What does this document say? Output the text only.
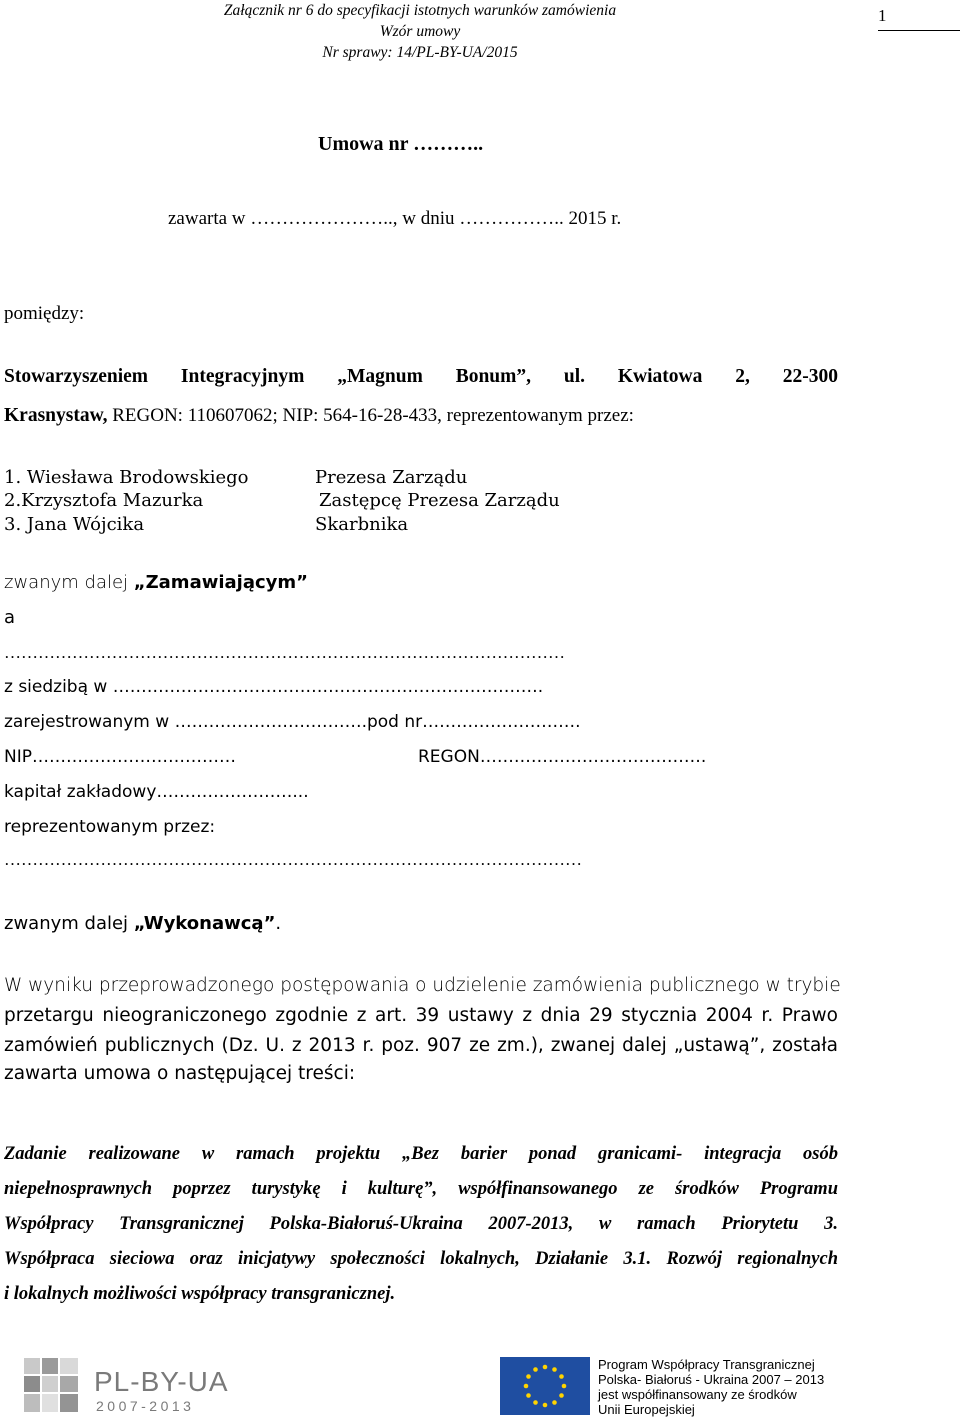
Załącznik nr 6 do specyfikacji istotnych warunków zamówienia
Wzór umowy
Nr sprawy: 14/PL-BY-UA/2015
1
Umowa nr ………..
zawarta w ………………….., w dniu …………….. 2015 r.
pomiędzy:
Stowarzyszeniem Integracyjnym „Magnum Bonum”, ul. Kwiatowa 2, 22-300
Krasnystaw, REGON: 110607062; NIP: 564-16-28-433, reprezentowanym przez:
1. Wiesława Brodowskiego	Prezesa Zarządu
2.Krzysztofa Mazurka	Zastępcę Prezesa Zarządu
3. Jana Wójcika	Skarbnika
zwanym dalej „Zamawiającym”
a
………………………………………………………………………………………
z siedzibą w ………………………………………………………………….
zarejestrowanym w …………………………….pod nr……………………….
NIP………………………………	REGON………………………………….
kapitał zakładowy……………………...
reprezentowanym przez:
…………………………………………………………………………………………
zwanym dalej „Wykonawcą”.
W wyniku przeprowadzonego postępowania o udzielenie zamówienia publicznego w trybie
przetargu nieograniczonego zgodnie z art. 39 ustawy z dnia 29 stycznia 2004 r. Prawo
zamówień publicznych (Dz. U. z 2013 r. poz. 907 ze zm.), zwanej dalej „ustawą”, została
zawarta umowa o następującej treści:
Zadanie realizowane w ramach projektu „Bez barier ponad granicami- integracja osób
niepełnosprawnych poprzez turystykę i kulturę”, współfinansowanego ze środków Programu
Współpracy Transgranicznej Polska-Białoruś-Ukraina 2007-2013, w ramach Priorytetu 3.
Współpraca sieciowa oraz inicjatywy społeczności lokalnych, Działanie 3.1. Rozwój regionalnych
i lokalnych możliwości współpracy transgranicznej.
PL-BY-UA
2007-2013
Program Współpracy Transgranicznej
Polska- Białoruś - Ukraina 2007 – 2013
jest współfinansowany ze środków
Unii Europejskiej
